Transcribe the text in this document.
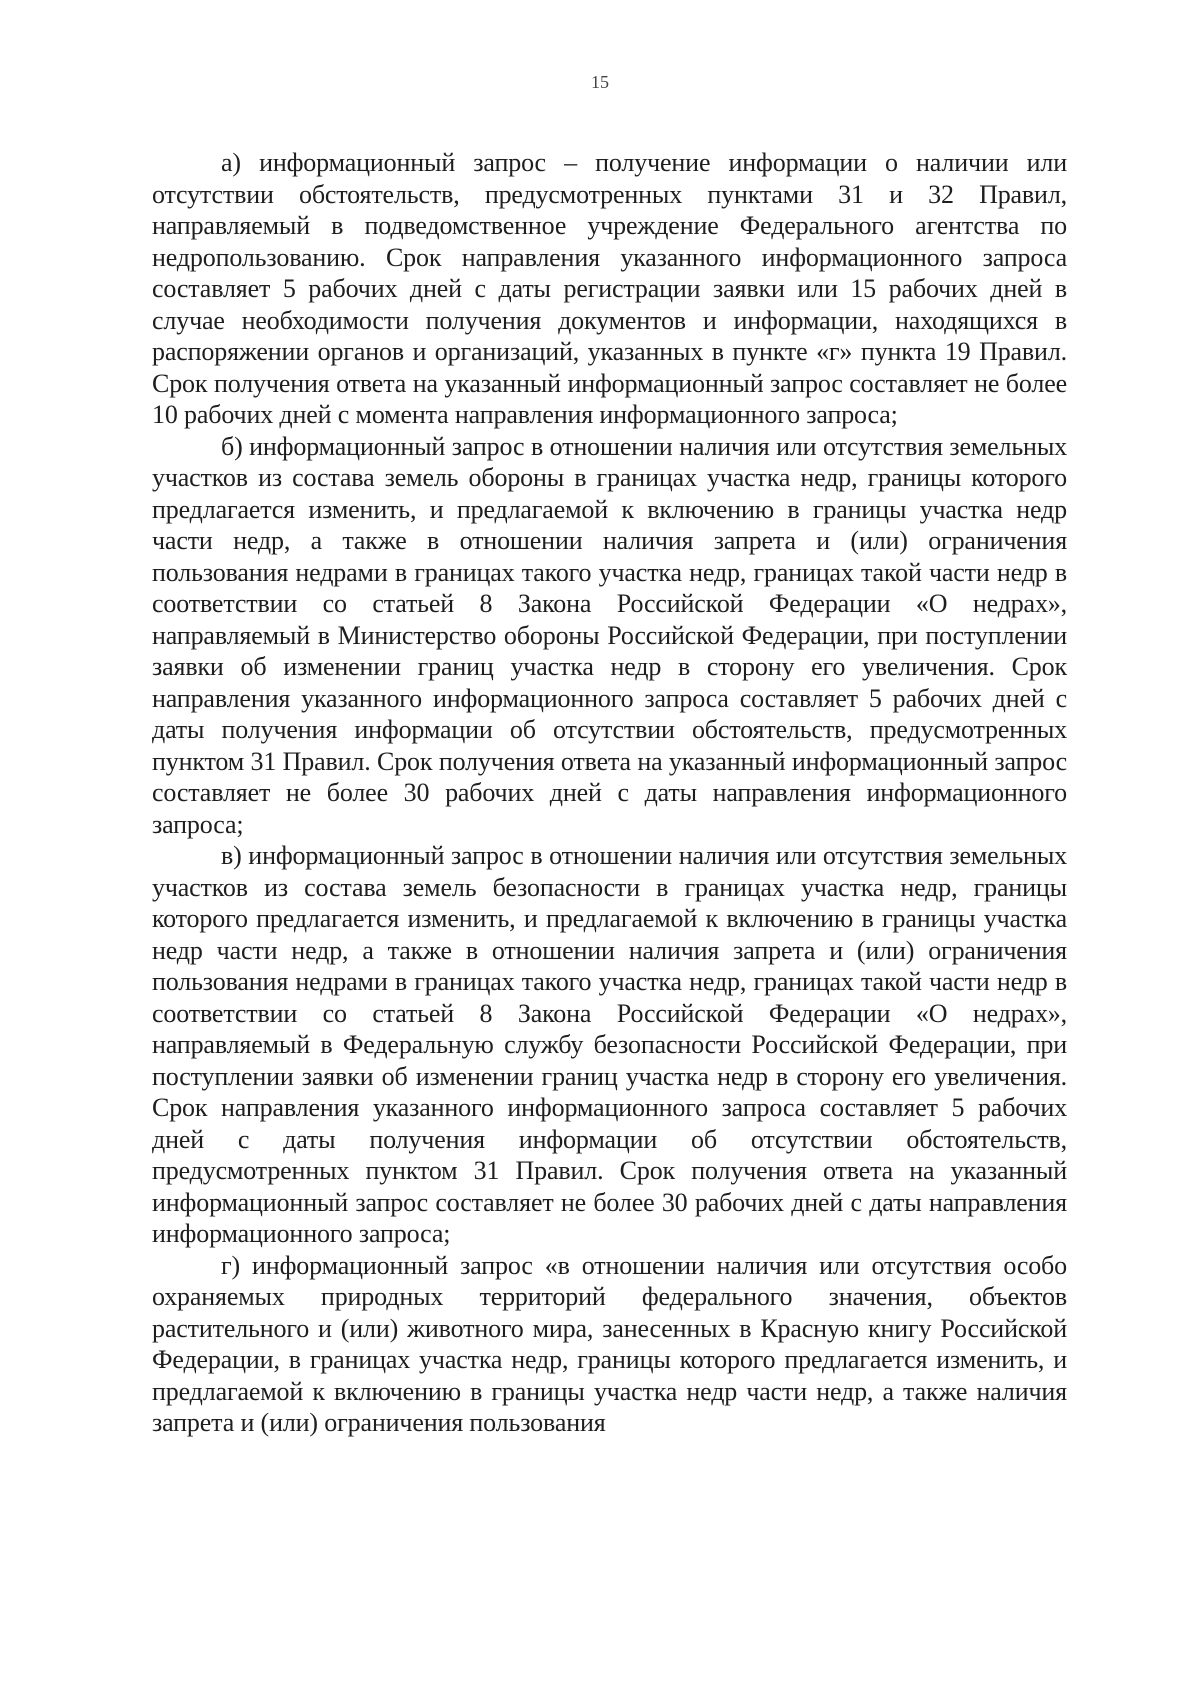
15

а) информационный запрос – получение информации о наличии или отсутствии обстоятельств, предусмотренных пунктами 31 и 32 Правил, направляемый в подведомственное учреждение Федерального агентства по недропользованию. Срок направления указанного информационного запроса составляет 5 рабочих дней с даты регистрации заявки или 15 рабочих дней в случае необходимости получения документов и информации, находящихся в распоряжении органов и организаций, указанных в пункте «г» пункта 19 Правил. Срок получения ответа на указанный информационный запрос составляет не более 10 рабочих дней с момента направления информационного запроса;

б) информационный запрос в отношении наличия или отсутствия земельных участков из состава земель обороны в границах участка недр, границы которого предлагается изменить, и предлагаемой к включению в границы участка недр части недр, а также в отношении наличия запрета и (или) ограничения пользования недрами в границах такого участка недр, границах такой части недр в соответствии со статьей 8 Закона Российской Федерации «О недрах», направляемый в Министерство обороны Российской Федерации, при поступлении заявки об изменении границ участка недр в сторону его увеличения. Срок направления указанного информационного запроса составляет 5 рабочих дней с даты получения информации об отсутствии обстоятельств, предусмотренных пунктом 31 Правил. Срок получения ответа на указанный информационный запрос составляет не более 30 рабочих дней с даты направления информационного запроса;

в) информационный запрос в отношении наличия или отсутствия земельных участков из состава земель безопасности в границах участка недр, границы которого предлагается изменить, и предлагаемой к включению в границы участка недр части недр, а также в отношении наличия запрета и (или) ограничения пользования недрами в границах такого участка недр, границах такой части недр в соответствии со статьей 8 Закона Российской Федерации «О недрах», направляемый в Федеральную службу безопасности Российской Федерации, при поступлении заявки об изменении границ участка недр в сторону его увеличения. Срок направления указанного информационного запроса составляет 5 рабочих дней с даты получения информации об отсутствии обстоятельств, предусмотренных пунктом 31 Правил. Срок получения ответа на указанный информационный запрос составляет не более 30 рабочих дней с даты направления информационного запроса;

г) информационный запрос «в отношении наличия или отсутствия особо охраняемых природных территорий федерального значения, объектов растительного и (или) животного мира, занесенных в Красную книгу Российской Федерации, в границах участка недр, границы которого предлагается изменить, и предлагаемой к включению в границы участка недр части недр, а также наличия запрета и (или) ограничения пользования
